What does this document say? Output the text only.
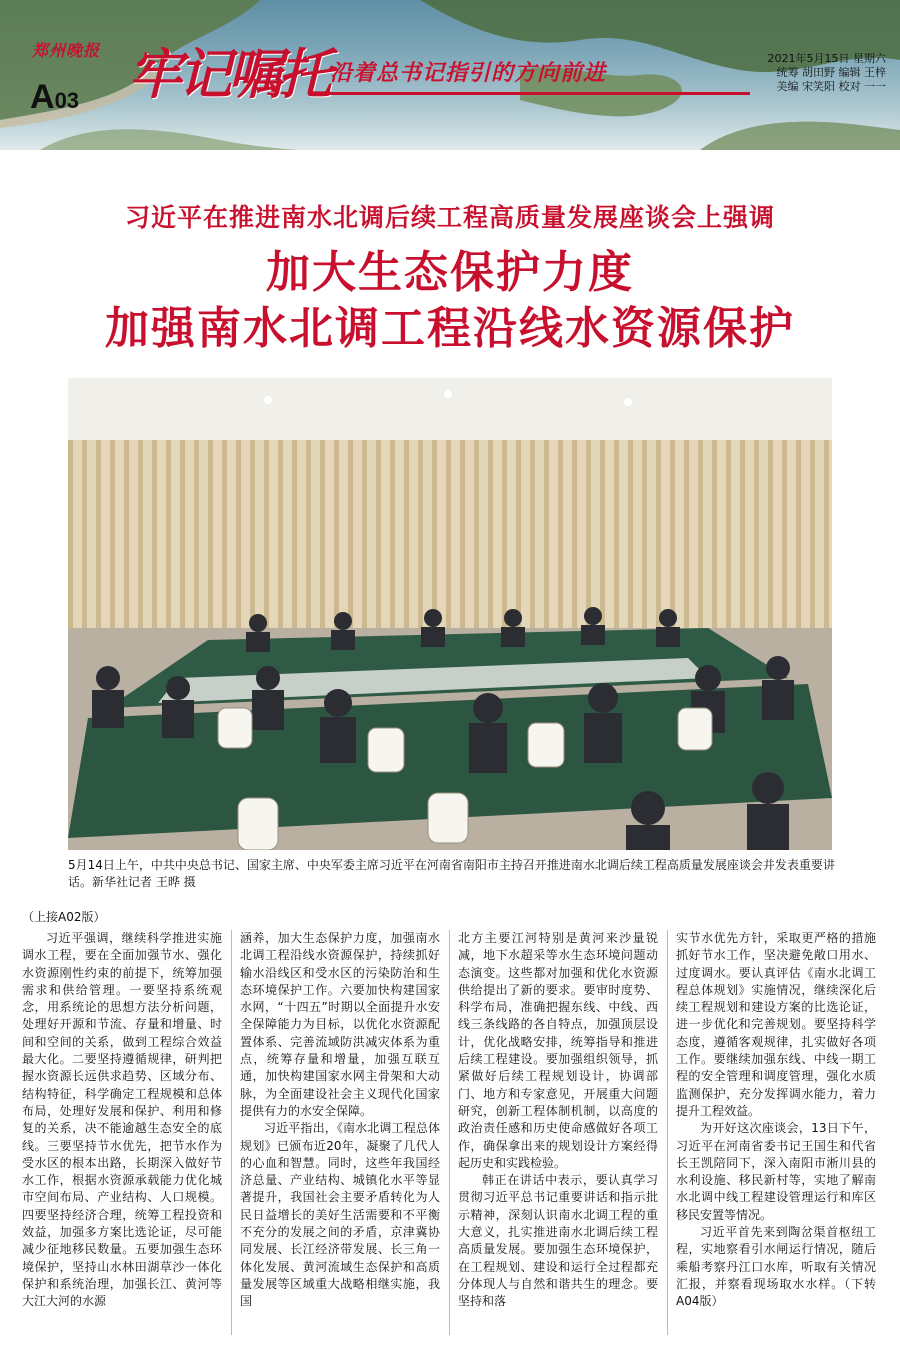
郑州晚报
A03 牢记嘱托 沿着总书记指引的方向前进
2021年5月15日 星期六
统筹 胡田野 编辑 王梓
美编 宋笑阳 校对 一一
习近平在推进南水北调后续工程高质量发展座谈会上强调
加大生态保护力度
加强南水北调工程沿线水资源保护
5月14日上午，中共中央总书记、国家主席、中央军委主席习近平在河南省南阳市主持召开推进南水北调后续工程高质量发展座谈会并发表重要讲话。新华社记者 王晔 摄
（上接A02版）

习近平强调，继续科学推进实施调水工程，要在全面加强节水、强化水资源刚性约束的前提下，统筹加强需求和供给管理。一要坚持系统观念，用系统论的思想方法分析问题，处理好开源和节流、存量和增量、时间和空间的关系，做到工程综合效益最大化。二要坚持遵循规律，研判把握水资源长远供求趋势、区域分布、结构特征，科学确定工程规模和总体布局，处理好发展和保护、利用和修复的关系，决不能逾越生态安全的底线。三要坚持节水优先，把节水作为受水区的根本出路，长期深入做好节水工作，根据水资源承载能力优化城市空间布局、产业结构、人口规模。四要坚持经济合理，统筹工程投资和效益，加强多方案比选论证，尽可能减少征地移民数量。五要加强生态环境保护，坚持山水林田湖草沙一体化保护和系统治理，加强长江、黄河等大江大河的水源

涵养，加大生态保护力度，加强南水北调工程沿线水资源保护，持续抓好输水沿线区和受水区的污染防治和生态环境保护工作。六要加快构建国家水网，“十四五”时期以全面提升水安全保障能力为目标，以优化水资源配置体系、完善流域防洪减灾体系为重点，统筹存量和增量，加强互联互通，加快构建国家水网主骨架和大动脉，为全面建设社会主义现代化国家提供有力的水安全保障。

习近平指出，《南水北调工程总体规划》已颁布近20年，凝聚了几代人的心血和智慧。同时，这些年我国经济总量、产业结构、城镇化水平等显著提升，我国社会主要矛盾转化为人民日益增长的美好生活需要和不平衡不充分的发展之间的矛盾，京津冀协同发展、长江经济带发展、长三角一体化发展、黄河流域生态保护和高质量发展等区域重大战略相继实施，我国

北方主要江河特别是黄河来沙量锐减，地下水超采等水生态环境问题动态演变。这些都对加强和优化水资源供给提出了新的要求。要审时度势、科学布局，准确把握东线、中线、西线三条线路的各自特点，加强顶层设计，优化战略安排，统筹指导和推进后续工程建设。要加强组织领导，抓紧做好后续工程规划设计，协调部门、地方和专家意见，开展重大问题研究，创新工程体制机制，以高度的政治责任感和历史使命感做好各项工作，确保拿出来的规划设计方案经得起历史和实践检验。

韩正在讲话中表示，要认真学习贯彻习近平总书记重要讲话和指示批示精神，深刻认识南水北调工程的重大意义，扎实推进南水北调后续工程高质量发展。要加强生态环境保护，在工程规划、建设和运行全过程都充分体现人与自然和谐共生的理念。要坚持和落

实节水优先方针，采取更严格的措施抓好节水工作，坚决避免敞口用水、过度调水。要认真评估《南水北调工程总体规划》实施情况，继续深化后续工程规划和建设方案的比选论证，进一步优化和完善规划。要坚持科学态度，遵循客观规律，扎实做好各项工作。要继续加强东线、中线一期工程的安全管理和调度管理，强化水质监测保护，充分发挥调水能力，着力提升工程效益。

为开好这次座谈会，13日下午，习近平在河南省委书记王国生和代省长王凯陪同下，深入南阳市淅川县的水利设施、移民新村等，实地了解南水北调中线工程建设管理运行和库区移民安置等情况。

习近平首先来到陶岔渠首枢纽工程，实地察看引水闸运行情况，随后乘船考察丹江口水库，听取有关情况汇报，并察看现场取水水样。（下转A04版）
